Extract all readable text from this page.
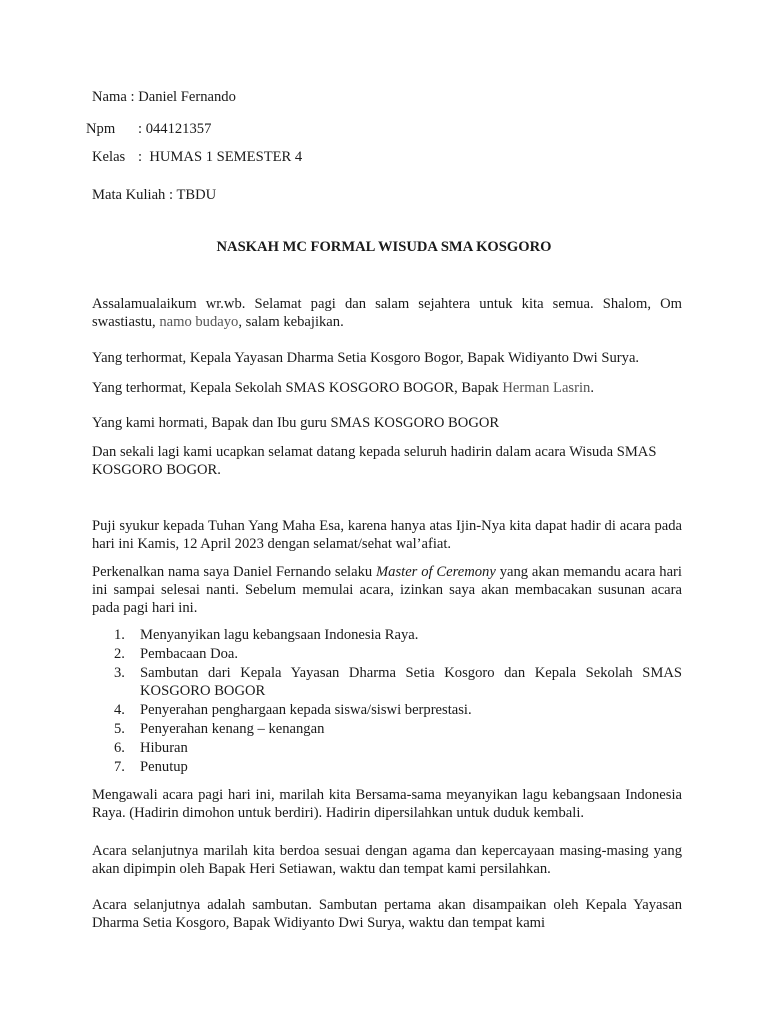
Nama : Daniel Fernando
Npm : 044121357
Kelas :  HUMAS 1 SEMESTER 4
Mata Kuliah : TBDU
NASKAH MC FORMAL WISUDA SMA KOSGORO
Assalamualaikum wr.wb. Selamat pagi dan salam sejahtera untuk kita semua. Shalom, Om swastiastu, namo budayo, salam kebajikan.
Yang terhormat, Kepala Yayasan Dharma Setia Kosgoro Bogor, Bapak Widiyanto Dwi Surya.
Yang terhormat, Kepala Sekolah SMAS KOSGORO BOGOR, Bapak Herman Lasrin.
Yang kami hormati, Bapak dan Ibu guru SMAS KOSGORO BOGOR
Dan sekali lagi kami ucapkan selamat datang kepada seluruh hadirin dalam acara Wisuda SMAS
KOSGORO BOGOR.
Puji syukur kepada Tuhan Yang Maha Esa, karena hanya atas Ijin-Nya kita dapat hadir di acara pada hari ini Kamis, 12 April 2023 dengan selamat/sehat wal’afiat.
Perkenalkan nama saya Daniel Fernando selaku Master of Ceremony yang akan memandu acara hari ini sampai selesai nanti. Sebelum memulai acara, izinkan saya akan membacakan susunan acara pada pagi hari ini.
1. Menyanyikan lagu kebangsaan Indonesia Raya.
2. Pembacaan Doa.
3. Sambutan dari Kepala Yayasan Dharma Setia Kosgoro dan Kepala Sekolah SMAS KOSGORO BOGOR
4. Penyerahan penghargaan kepada siswa/siswi berprestasi.
5. Penyerahan kenang – kenangan
6. Hiburan
7. Penutup
Mengawali acara pagi hari ini, marilah kita Bersama-sama meyanyikan lagu kebangsaan Indonesia Raya. (Hadirin dimohon untuk berdiri). Hadirin dipersilahkan untuk duduk kembali.
Acara selanjutnya marilah kita berdoa sesuai dengan agama dan kepercayaan masing-masing yang akan dipimpin oleh Bapak Heri Setiawan, waktu dan tempat kami persilahkan.
Acara selanjutnya adalah sambutan. Sambutan pertama akan disampaikan oleh Kepala Yayasan Dharma Setia Kosgoro, Bapak Widiyanto Dwi Surya, waktu dan tempat kami
